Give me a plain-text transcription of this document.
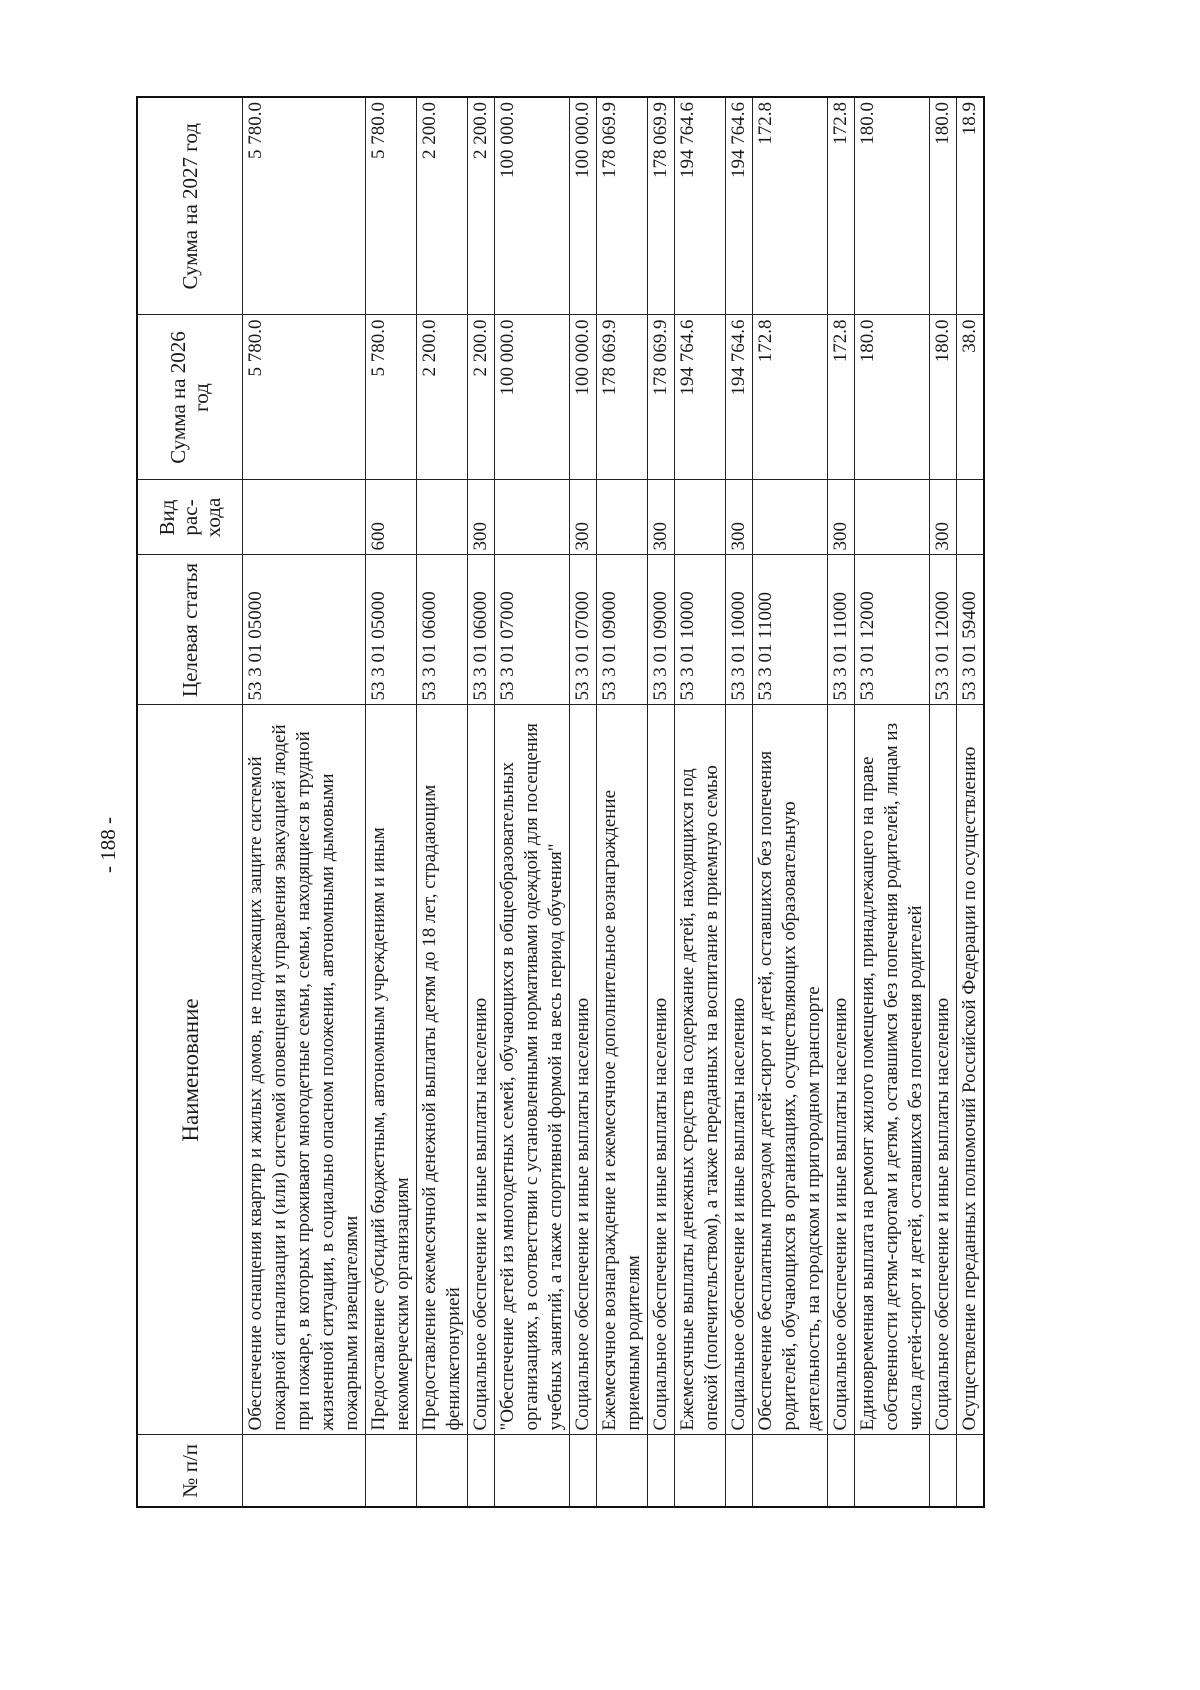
- 188 -
№ п/п	Наименование	Целевая статья	Вид рас- хода	Сумма на 2026 год	Сумма на 2027 год
	Обеспечение оснащения квартир и жилых домов, не подлежащих защите системой пожарной сигнализации и (или) системой оповещения и управления эвакуацией людей при пожаре, в которых проживают многодетные семьи, семьи, находящиеся в трудной жизненной ситуации, в социально опасном положении, автономными дымовыми пожарными извещателями	53 3 01 05000		5 780.0	5 780.0
	Предоставление субсидий бюджетным, автономным учреждениям и иным некоммерческим организациям	53 3 01 05000	600	5 780.0	5 780.0
	Предоставление ежемесячной денежной выплаты детям до 18 лет, страдающим фенилкетонурией	53 3 01 06000		2 200.0	2 200.0
	Социальное обеспечение и иные выплаты населению	53 3 01 06000	300	2 200.0	2 200.0
	"Обеспечение детей из многодетных семей, обучающихся в общеобразовательных организациях, в соответствии с установленными нормативами одеждой для посещения учебных занятий, а также спортивной формой на весь период обучения"	53 3 01 07000		100 000.0	100 000.0
	Социальное обеспечение и иные выплаты населению	53 3 01 07000	300	100 000.0	100 000.0
	Ежемесячное вознаграждение и ежемесячное дополнительное вознаграждение приемным родителям	53 3 01 09000		178 069.9	178 069.9
	Социальное обеспечение и иные выплаты населению	53 3 01 09000	300	178 069.9	178 069.9
	Ежемесячные выплаты денежных средств на содержание детей, находящихся под опекой (попечительством), а также переданных на воспитание в приемную семью	53 3 01 10000		194 764.6	194 764.6
	Социальное обеспечение и иные выплаты населению	53 3 01 10000	300	194 764.6	194 764.6
	Обеспечение бесплатным проездом детей-сирот и детей, оставшихся без попечения родителей, обучающихся в организациях, осуществляющих образовательную деятельность, на городском и пригородном транспорте	53 3 01 11000		172.8	172.8
	Социальное обеспечение и иные выплаты населению	53 3 01 11000	300	172.8	172.8
	Единовременная выплата на ремонт жилого помещения, принадлежащего на праве собственности детям-сиротам и детям, оставшимся без попечения родителей, лицам из числа детей-сирот и детей, оставшихся без попечения родителей	53 3 01 12000		180.0	180.0
	Социальное обеспечение и иные выплаты населению	53 3 01 12000	300	180.0	180.0
	Осуществление переданных полномочий Российской Федерации по осуществлению	53 3 01 59400		38.0	18.9
